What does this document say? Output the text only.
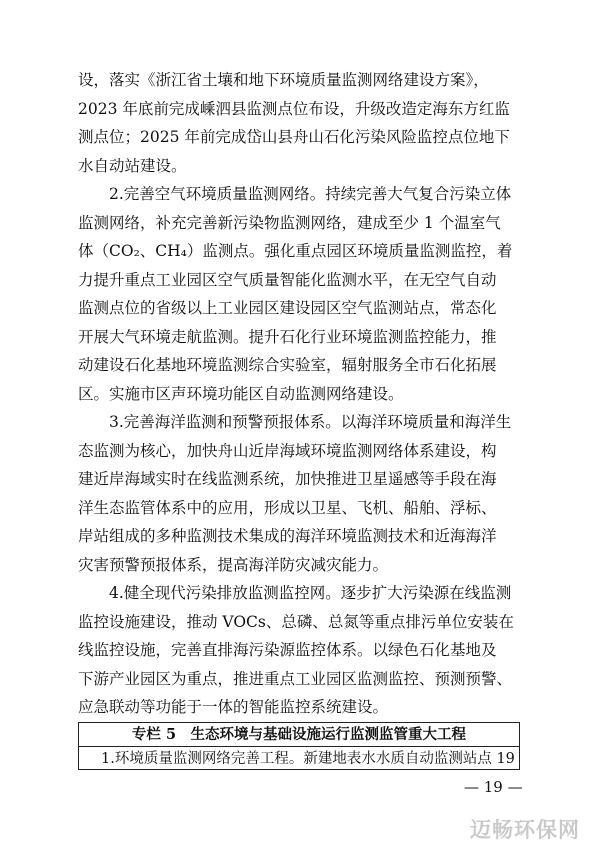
设，落实《浙江省土壤和地下环境质量监测网络建设方案》，
2023 年底前完成嵊泗县监测点位布设，升级改造定海东方红监
测点位；2025 年前完成岱山县舟山石化污染风险监控点位地下
水自动站建设。

2.完善空气环境质量监测网络。持续完善大气复合污染立体
监测网络，补充完善新污染物监测网络，建成至少 1 个温室气
体（CO₂、CH₄）监测点。强化重点园区环境质量监测监控，着
力提升重点工业园区空气质量智能化监测水平，在无空气自动
监测点位的省级以上工业园区建设园区空气监测站点，常态化
开展大气环境走航监测。提升石化行业环境监测监控能力，推
动建设石化基地环境监测综合实验室，辐射服务全市石化拓展
区。实施市区声环境功能区自动监测网络建设。

3.完善海洋监测和预警预报体系。以海洋环境质量和海洋生
态监测为核心，加快舟山近岸海域环境监测网络体系建设，构
建近岸海域实时在线监测系统，加快推进卫星遥感等手段在海
洋生态监管体系中的应用，形成以卫星、飞机、船舶、浮标、
岸站组成的多种监测技术集成的海洋环境监测技术和近海海洋
灾害预警预报体系，提高海洋防灾减灾能力。

4.健全现代污染排放监测监控网。逐步扩大污染源在线监测
监控设施建设，推动 VOCs、总磷、总氮等重点排污单位安装在
线监控设施，完善直排海污染源监控体系。以绿色石化基地及
下游产业园区为重点，推进重点工业园区监测监控、预测预警、
应急联动等功能于一体的智能监控系统建设。

专栏 5　生态环境与基础设施运行监测监管重大工程
1.环境质量监测网络完善工程。新建地表水水质自动监测站点 19
— 19 —
迈畅环保网
